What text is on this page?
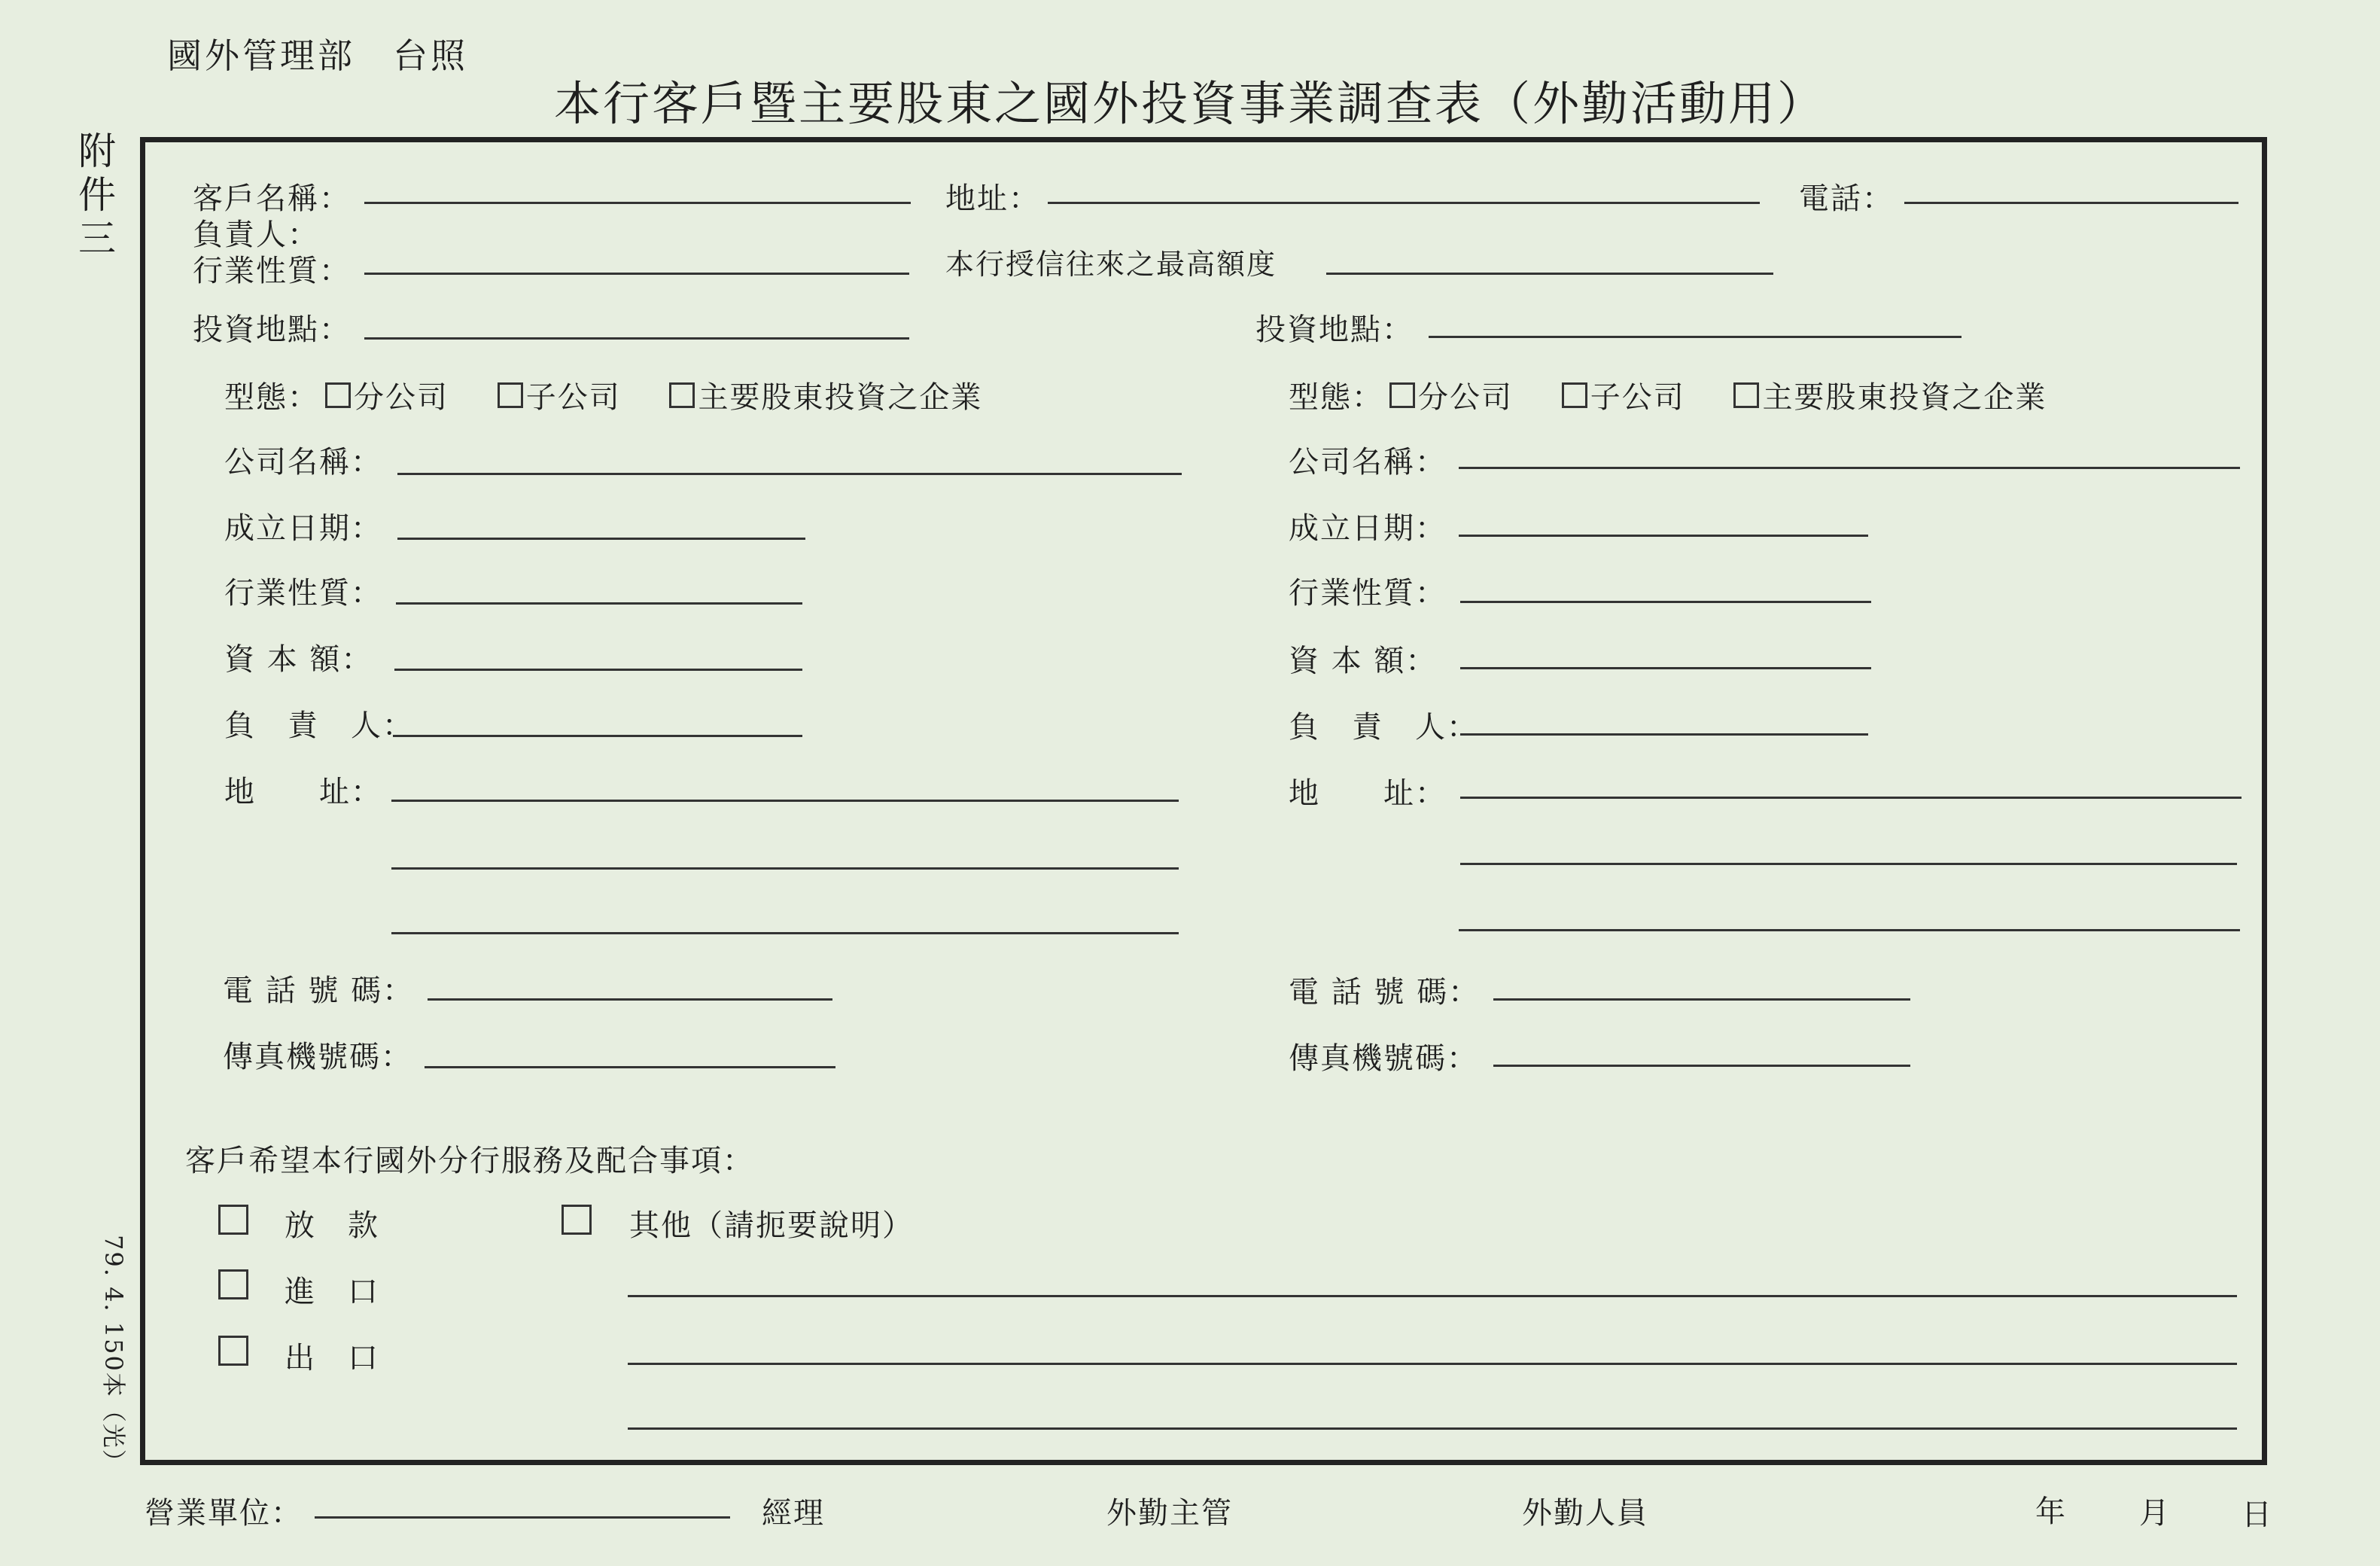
國外管理部　台照
本行客戶暨主要股東之國外投資事業調查表（外勤活動用）
附件三
客戶名稱：	地址：	電話：
負責人：
行業性質：	本行授信往來之最高額度
投資地點：
型態： 分公司
	子公司
	主要股東投資之企業
公司名稱：
成立日期：
行業性質：
資 本 額：
負　責　人：
地　　址：
電 話 號 碼：
傳真機號碼：
投資地點：
型態： 分公司
	子公司
	主要股東投資之企業
公司名稱：
成立日期：
行業性質：
資 本 額：
負　責　人：
地　　址：
電 話 號 碼：
傳真機號碼：
客戶希望本行國外分行服務及配合事項：
放　款
進　口
出　口
其他（請扼要說明）
79. 4. 150本（光）
營業單位：	經理	外勤主管	外勤人員	年 月 日
